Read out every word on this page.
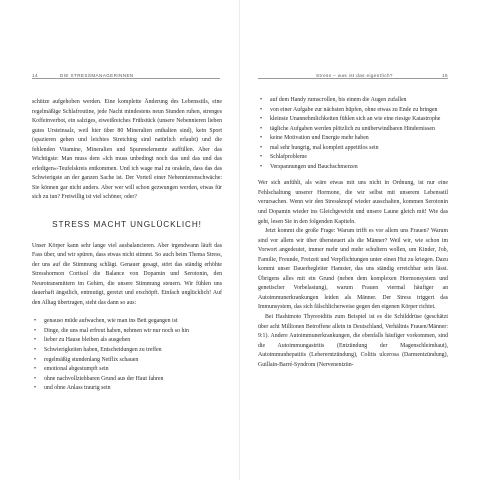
14	DIE STRESSMANAGERINNEN	Stress – was ist das eigentlich?	15

schütze aufgehoben werden. Eine komplette Änderung des Lebensstils, eine regelmäßige Schlafroutine, jede Nacht mindestens neun Stunden ruhen, strenges Koffeinverbot, ein salziges, eiweißreiches Frühstück (unsere Nebennieren lieben gutes Ursteinsalz, weil hier über 80 Mineralien enthalten sind), kein Sport (spazieren gehen und leichtes Stretching sind natürlich erlaubt) und die fehlenden Vitamine, Mineralien und Spurenelemente auffüllen. Aber das Wichtigste: Man muss dem »Ich muss unbedingt noch das und das und das erledigen«-Teufelskreis entkommen. Und ich wage mal zu orakeln, dass das das Schwierigste an der ganzen Sache ist. Der Vorteil einer Nebennierenschwäche: Sie können gar nicht anders. Aber wer will schon gezwungen werden, etwas für sich zu tun? Freiwillig ist viel schöner, oder?

STRESS MACHT UNGLÜCKLICH!

Unser Körper kann sehr lange viel ausbalancieren. Aber irgendwann läuft das Fass über, und wir spüren, dass etwas nicht stimmt. So auch beim Thema Stress, der uns auf die Stimmung schlägt. Genauer gesagt, stört das ständig erhöhte Stresshormon Cortisol die Balance von Dopamin und Serotonin, den Neurotransmittern im Gehirn, die unsere Stimmung steuern. Wir fühlen uns dauerhaft ängstlich, entmutigt, gereizt und erschöpft. Einfach unglücklich! Auf den Alltag übertragen, sieht das dann so aus:

• genauso müde aufwachen, wie man ins Bett gegangen ist
• Dinge, die uns mal erfreut haben, nehmen wir nur noch so hin
• lieber zu Hause bleiben als ausgehen
• Schwierigkeiten haben, Entscheidungen zu treffen
• regelmäßig stundenlang Netflix schauen
• emotional abgestumpft sein
• ohne nachvollziehbaren Grund aus der Haut fahren
• und ohne Anlass traurig sein
• auf dem Handy rumscrollen, bis einem die Augen zufallen
• von einer Aufgabe zur nächsten hüpfen, ohne etwas zu Ende zu bringen
• kleinste Unannehmlichkeiten fühlen sich an wie eine riesige Katastrophe
• tägliche Aufgaben werden plötzlich zu unüberwindbaren Hindernissen
• keine Motivation und Energie mehr haben
• mal sehr hungrig, mal komplett appetitlos sein
• Schlafprobleme
• Verspannungen und Bauchschmerzen

Wer sich anfühlt, als wäre etwas mit uns nicht in Ordnung, ist nur eine Fehlschaltung unserer Hormone, die wir selbst mit unserem Lebensstil verursachen. Wenn wir den Stressknopf wieder ausschalten, kommen Serotonin und Dopamin wieder ins Gleichgewicht und unsere Laune gleich mit! Wie das geht, lesen Sie in den folgenden Kapiteln.

Jetzt kommt die große Frage: Warum trifft es vor allem uns Frauen? Warum sind vor allem wir über übersteuert als die Männer? Weil wir, wie schon im Vorwort angedeutet, immer mehr und mehr schultern wollen, um Kinder, Job, Familie, Freunde, Freizeit und Verpflichtungen unter einen Hut zu kriegen. Dazu kommt unser Dauerbegleiter Hamster, das uns ständig erreichbar sein lässt. Übrigens alles mit ein Grund (neben dem komplexen Hormonsystem und genetischer Vorbelastung), warum Frauen viermal häufiger an Autoimmunerkrankungen leiden als Männer. Der Stress triggert das Immunsystem, das sich fälschlicherweise gegen den eigenen Körper richtet.

Bei Hashimoto Thyreoiditis zum Beispiel ist es die Schilddrüse (geschätzt über acht Millionen Betroffene allein in Deutschland, Verhältnis Frauen/Männer: 9:1). Andere Autoimmunerkrankungen, die ebenfalls häufiger vorkommen, sind die Autoimmungastritis (Entzündung der Magenschleimhaut), Autoimmunhepatitis (Lebererntzündung), Colitis ulcerosa (Darmentzündung), Guillain-Barré-Syndrom (Nervenentzün-
